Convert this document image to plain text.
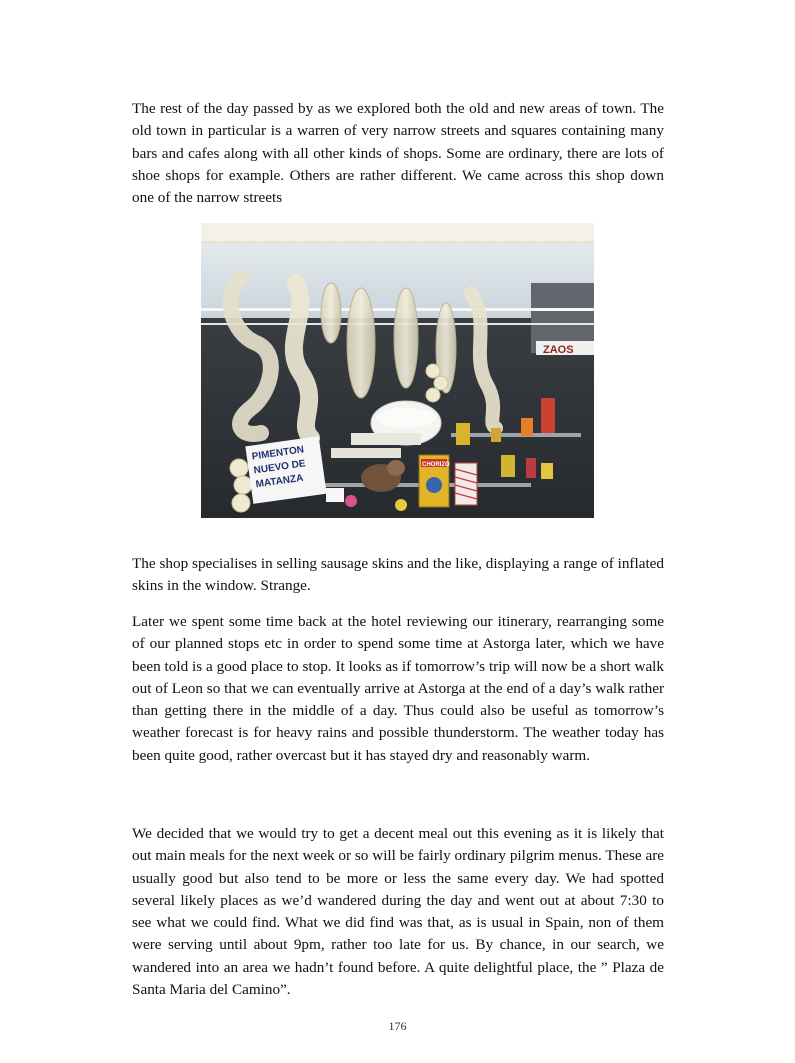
The rest of the day passed by as we explored both the old and new areas of town. The old town in particular is a warren of very narrow streets and squares containing many bars and cafes along with all other kinds of shops. Some are ordinary, there are lots of shoe shops for example. Others are rather different. We came across this shop down one of the narrow streets

PIMENTON
NUEVO DE
MATANZA
CHORIZO
ZAOS

The shop specialises in selling sausage skins and the like, displaying a range of inflated skins in the window. Strange.

Later we spent some time back at the hotel reviewing our itinerary, rearranging some of our planned stops etc in order to spend some time at Astorga later, which we have been told is a good place to stop. It looks as if tomorrow’s trip will now be a short walk out of Leon so that we can eventually arrive at Astorga at the end of a day’s walk rather than getting there in the middle of a day. Thus could also be useful as tomorrow’s weather forecast is for heavy rains and possible thunderstorm. The weather today has been quite good, rather overcast but it has stayed dry and reasonably warm.

We decided that we would try to get a decent meal out this evening as it is likely that out main meals for the next week or so will be fairly ordinary pilgrim menus. These are usually good but also tend to be more or less the same every day. We had spotted several likely places as we’d wandered during the day and went out at about 7:30 to see what we could find. What we did find was that, as is usual in Spain, non of them were serving until about 9pm, rather too late for us. By chance, in our search, we wandered into an area we hadn’t found before. A quite delightful place, the ” Plaza de Santa Maria del Camino”.

176
